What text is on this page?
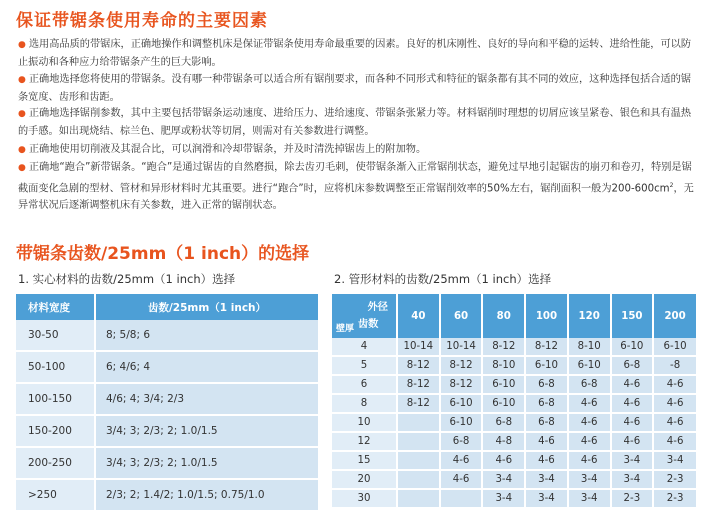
保证带锯条使用寿命的主要因素

● 选用高品质的带锯床，正确地操作和调整机床是保证带锯条使用寿命最重要的因素。良好的机床刚性、良好的导向和平稳的运转、进给性能，可以防止振动和各种应力给带锯条产生的巨大影响。

● 正确地选择您将使用的带锯条。没有哪一种带锯条可以适合所有锯削要求，而各种不同形式和特征的锯条都有其不同的效应，这种选择包括合适的锯条宽度、齿形和齿距。

● 正确地选择锯削参数，其中主要包括带锯条运动速度、进给压力、进给速度、带锯条张紧力等。材料锯削时理想的切屑应该呈紧卷、银色和具有温热的手感。如出现烧结、棕兰色、肥厚或粉状等切屑，则需对有关参数进行调整。

● 正确地使用切削液及其混合比，可以润滑和冷却带锯条，并及时清洗掉锯齿上的附加物。

● 正确地“跑合”新带锯条。“跑合”是通过锯齿的自然磨损，除去齿刃毛刺，使带锯条渐入正常锯削状态，避免过早地引起锯齿的崩刃和卷刃，特别是锯截面变化急剧的型材、管材和异形材料时尤其重要。进行“跑合”时，应将机床参数调整至正常锯削效率的50%左右，锯削面积一般为$200-600cm^2$，无异常状况后逐渐调整机床有关参数，进入正常的锯削状态。

带锯条齿数/25mm（1 inch）的选择
1. 实心材料的齿数/25mm（1 inch）选择	2. 管形材料的齿数/25mm（1 inch）选择
材料宽度	齿数/25mm（1 inch）
30-50	8; 5/8; 6
50-100	6; 4/6; 4
100-150	4/6; 4; 3/4; 2/3
150-200	3/4; 3; 2/3; 2; 1.0/1.5
200-250	3/4; 3; 2/3; 2; 1.0/1.5
>250	2/3; 2; 1.4/2; 1.0/1.5; 0.75/1.0
外径
壁厚 齿数	40	60	80	100	120	150	200
4	10-14	10-14	8-12	8-12	8-10	6-10	6-10
5	8-12	8-12	8-10	6-10	6-10	6-8	-8
6	8-12	8-12	6-10	6-8	6-8	4-6	4-6
8	8-12	6-10	6-10	6-8	4-6	4-6	4-6
10		6-10	6-8	6-8	4-6	4-6	4-6
12		6-8	4-8	4-6	4-6	4-6	4-6
15		4-6	4-6	4-6	4-6	3-4	3-4
20		4-6	3-4	3-4	3-4	3-4	2-3
30			3-4	3-4	3-4	2-3	2-3
